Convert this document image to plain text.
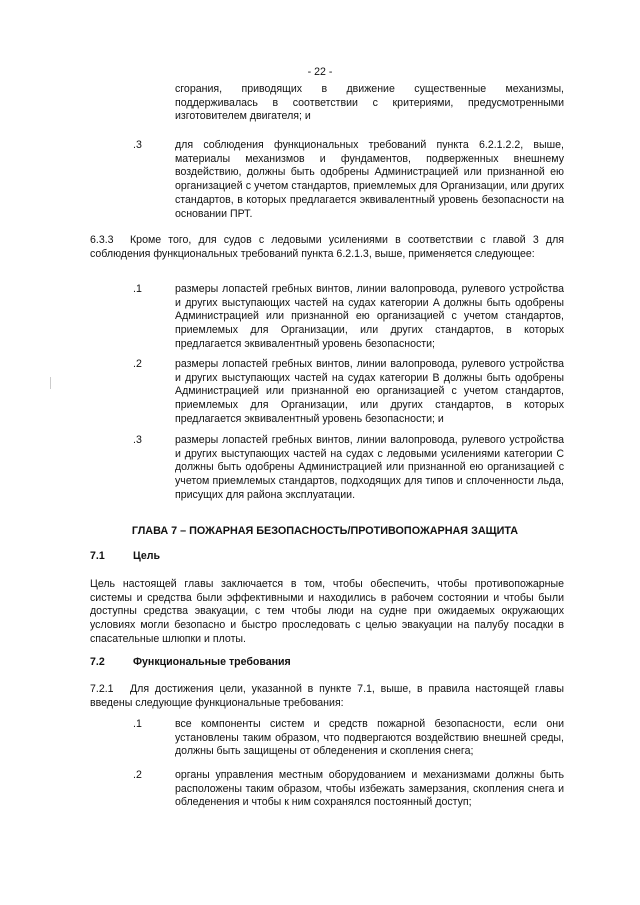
- 22 -
сгорания, приводящих в движение существенные механизмы, поддерживалась в соответствии с критериями, предусмотренными изготовителем двигателя; и
.3	для соблюдения функциональных требований пункта 6.2.1.2.2, выше, материалы механизмов и фундаментов, подверженных внешнему воздействию, должны быть одобрены Администрацией или признанной ею организацией с учетом стандартов, приемлемых для Организации, или других стандартов, в которых предлагается эквивалентный уровень безопасности на основании ПРТ.
6.3.3	Кроме того, для судов с ледовыми усилениями в соответствии с главой 3 для соблюдения функциональных требований пункта 6.2.1.3, выше, применяется следующее:
.1	размеры лопастей гребных винтов, линии валопровода, рулевого устройства и других выступающих частей на судах категории A должны быть одобрены Администрацией или признанной ею организацией с учетом стандартов, приемлемых для Организации, или других стандартов, в которых предлагается эквивалентный уровень безопасности;
.2	размеры лопастей гребных винтов, линии валопровода, рулевого устройства и других выступающих частей на судах категории B должны быть одобрены Администрацией или признанной ею организацией с учетом стандартов, приемлемых для Организации, или других стандартов, в которых предлагается эквивалентный уровень безопасности; и
.3	размеры лопастей гребных винтов, линии валопровода, рулевого устройства и других выступающих частей на судах с ледовыми усилениями категории C должны быть одобрены Администрацией или признанной ею организацией с учетом приемлемых стандартов, подходящих для типов и сплоченности льда, присущих для района эксплуатации.
ГЛАВА 7 – ПОЖАРНАЯ БЕЗОПАСНОСТЬ/ПРОТИВОПОЖАРНАЯ ЗАЩИТА
7.1	Цель
Цель настоящей главы заключается в том, чтобы обеспечить, чтобы противопожарные системы и средства были эффективными и находились в рабочем состоянии и чтобы были доступны средства эвакуации, с тем чтобы люди на судне при ожидаемых окружающих условиях могли безопасно и быстро проследовать с целью эвакуации на палубу посадки в спасательные шлюпки и плоты.
7.2	Функциональные требования
7.2.1	Для достижения цели, указанной в пункте 7.1, выше, в правила настоящей главы введены следующие функциональные требования:
.1	все компоненты систем и средств пожарной безопасности, если они установлены таким образом, что подвергаются воздействию внешней среды, должны быть защищены от обледенения и скопления снега;
.2	органы управления местным оборудованием и механизмами должны быть расположены таким образом, чтобы избежать замерзания, скопления снега и обледенения и чтобы к ним сохранялся постоянный доступ;
